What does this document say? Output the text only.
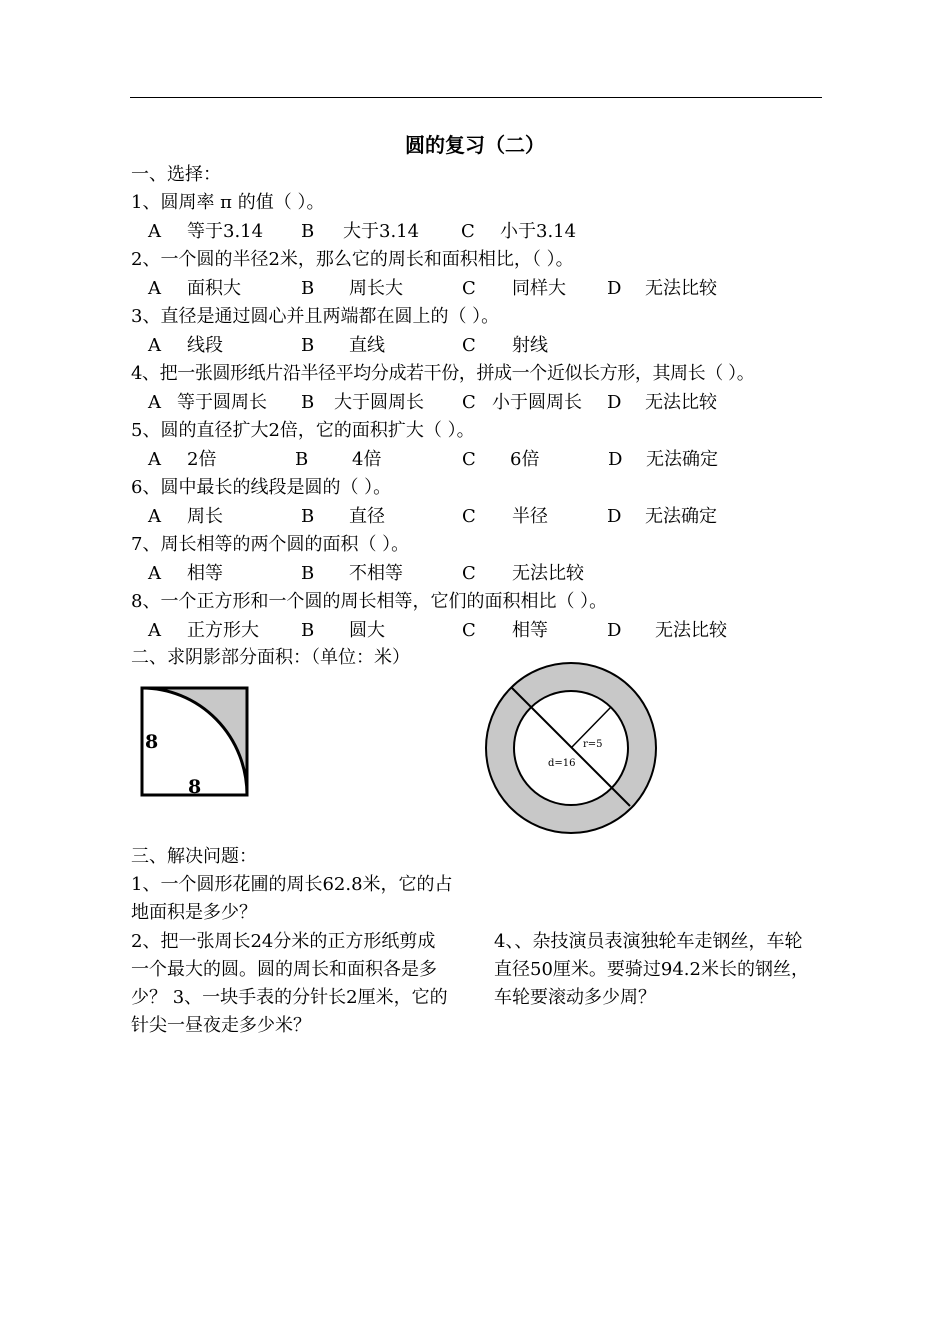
圆的复习（二）
一、选择：
1、圆周率 π 的值（ ）。
A 等于3.14 B 大于3.14 C 小于3.14
2、一个圆的半径2米，那么它的周长和面积相比，（ ）。
A 面积大	B 周长大	C 同样大 D 无法比较
3、直径是通过圆心并且两端都在圆上的（ ）。
A 线段	B 直线	C 射线
4、把一张圆形纸片沿半径平均分成若干份，拼成一个近似长方形，其周长（ ）。
A 等于圆周长 B 大于圆周长 C 小于圆周长 D 无法比较
5、圆的直径扩大2倍，它的面积扩大（ ）。
A 2倍	B 4倍	C 6倍	D 无法确定
6、圆中最长的线段是圆的（ ）。
A 周长	B 直径	C 半径	D 无法确定
7、周长相等的两个圆的面积（ ）。
A 相等	B 不相等	C 无法比较
8、一个正方形和一个圆的周长相等，它们的面积相比（ ）。
A 正方形大 B 圆大	C 相等	D 无法比较
二、求阴影部分面积：（单位：米）
8
8
r=5
d=16
三、解决问题：
1、一个圆形花圃的周长62.8米，它的占
地面积是多少？
2、把一张周长24分米的正方形纸剪成
一个最大的圆。圆的周长和面积各是多
少？ 3、一块手表的分针长2厘米，它的
针尖一昼夜走多少米？
4、、杂技演员表演独轮车走钢丝，车轮
直径50厘米。要骑过94.2米长的钢丝，
车轮要滚动多少周？
